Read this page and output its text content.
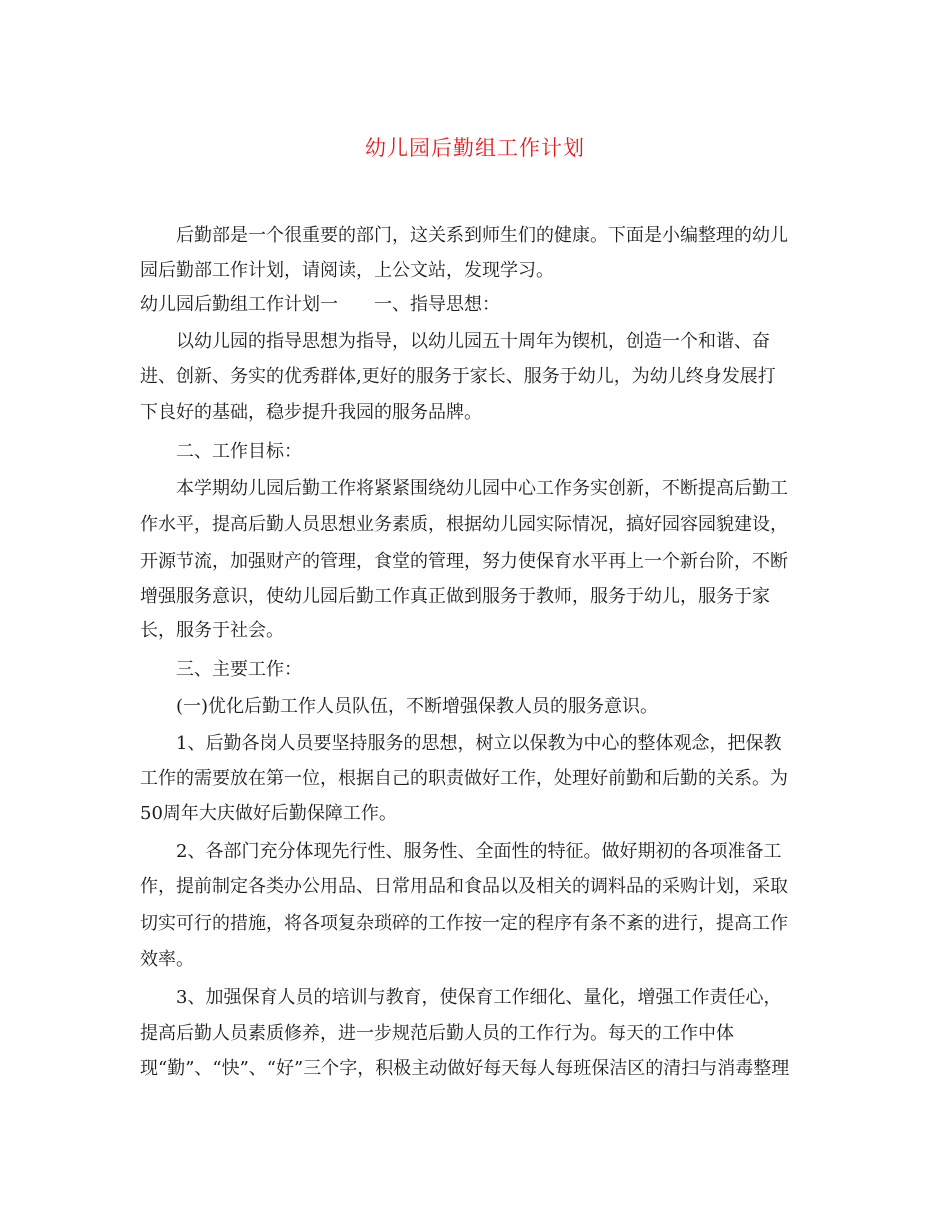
幼儿园后勤组工作计划
后勤部是一个很重要的部门，这关系到师生们的健康。下面是小编整理的幼儿
园后勤部工作计划，请阅读，上公文站，发现学习。
幼儿园后勤组工作计划一　　一、指导思想：
以幼儿园的指导思想为指导，以幼儿园五十周年为锲机，创造一个和谐、奋
进、创新、务实的优秀群体,更好的服务于家长、服务于幼儿，为幼儿终身发展打
下良好的基础，稳步提升我园的服务品牌。
二、工作目标：
本学期幼儿园后勤工作将紧紧围绕幼儿园中心工作务实创新，不断提高后勤工
作水平，提高后勤人员思想业务素质，根据幼儿园实际情况，搞好园容园貌建设，
开源节流，加强财产的管理，食堂的管理，努力使保育水平再上一个新台阶，不断
增强服务意识，使幼儿园后勤工作真正做到服务于教师，服务于幼儿，服务于家
长，服务于社会。
三、主要工作：
(一)优化后勤工作人员队伍，不断增强保教人员的服务意识。
1、后勤各岗人员要坚持服务的思想，树立以保教为中心的整体观念，把保教
工作的需要放在第一位，根据自己的职责做好工作，处理好前勤和后勤的关系。为
50周年大庆做好后勤保障工作。
2、各部门充分体现先行性、服务性、全面性的特征。做好期初的各项准备工
作，提前制定各类办公用品、日常用品和食品以及相关的调料品的采购计划，采取
切实可行的措施，将各项复杂琐碎的工作按一定的程序有条不紊的进行，提高工作
效率。
3、加强保育人员的培训与教育，使保育工作细化、量化，增强工作责任心，
提高后勤人员素质修养，进一步规范后勤人员的工作行为。每天的工作中体
现“勤”、“快”、“好”三个字，积极主动做好每天每人每班保洁区的清扫与消毒整理
